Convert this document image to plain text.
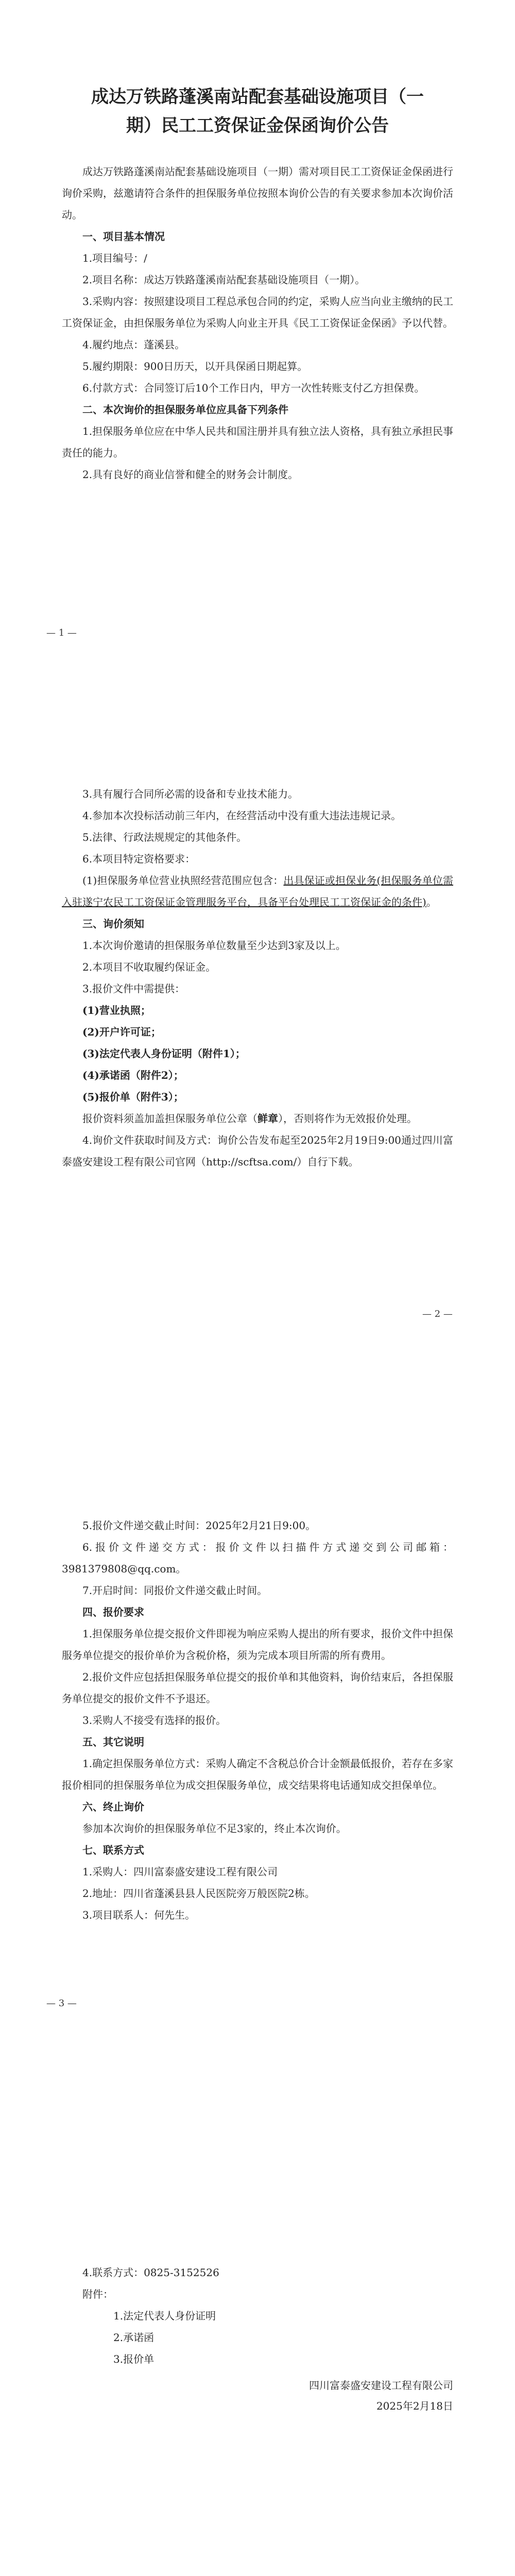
成达万铁路蓬溪南站配套基础设施项目（一

期）民工工资保证金保函询价公告

成达万铁路蓬溪南站配套基础设施项目（一期）需对项目民工工资保证金保函进行询价采购，兹邀请符合条件的担保服务单位按照本询价公告的有关要求参加本次询价活动。

一、项目基本情况

1.项目编号：/

2.项目名称：成达万铁路蓬溪南站配套基础设施项目（一期）。

3.采购内容：按照建设项目工程总承包合同的约定，采购人应当向业主缴纳的民工工资保证金，由担保服务单位为采购人向业主开具《民工工资保证金保函》予以代替。

4.履约地点：蓬溪县。

5.履约期限：900日历天，以开具保函日期起算。

6.付款方式：合同签订后10个工作日内，甲方一次性转账支付乙方担保费。

二、本次询价的担保服务单位应具备下列条件

1.担保服务单位应在中华人民共和国注册并具有独立法人资格，具有独立承担民事责任的能力。

2.具有良好的商业信誉和健全的财务会计制度。

— 1 —

3.具有履行合同所必需的设备和专业技术能力。

4.参加本次投标活动前三年内，在经营活动中没有重大违法违规记录。

5.法律、行政法规规定的其他条件。

6.本项目特定资格要求：

(1)担保服务单位营业执照经营范围应包含：出具保证或担保业务(担保服务单位需入驻遂宁农民工工资保证金管理服务平台，具备平台处理民工工资保证金的条件)。

三、询价须知

1.本次询价邀请的担保服务单位数量至少达到3家及以上。

2.本项目不收取履约保证金。

3.报价文件中需提供：

(1)营业执照；

(2)开户许可证；

(3)法定代表人身份证明（附件1）；

(4)承诺函（附件2）；

(5)报价单（附件3）；

报价资料须盖加盖担保服务单位公章（鲜章），否则将作为无效报价处理。

4.询价文件获取时间及方式：询价公告发布起至2025年2月19日9:00通过四川富泰盛安建设工程有限公司官网（http://scftsa.com/）自行下载。

— 2 —

5.报价文件递交截止时间：2025年2月21日9:00。

6.报价文件递交方式：报价文件以扫描件方式递交到公司邮箱：3981379808@qq.com。

7.开启时间：同报价文件递交截止时间。

四、报价要求

1.担保服务单位提交报价文件即视为响应采购人提出的所有要求，报价文件中担保服务单位提交的报价单价为含税价格，须为完成本项目所需的所有费用。

2.报价文件应包括担保服务单位提交的报价单和其他资料，询价结束后，各担保服务单位提交的报价文件不予退还。

3.采购人不接受有选择的报价。

五、其它说明

1.确定担保服务单位方式：采购人确定不含税总价合计金额最低报价，若存在多家报价相同的担保服务单位为成交担保服务单位，成交结果将电话通知成交担保单位。

六、终止询价

参加本次询价的担保服务单位不足3家的，终止本次询价。

七、联系方式

1.采购人：四川富泰盛安建设工程有限公司

2.地址：四川省蓬溪县县人民医院旁万般医院2栋。

3.项目联系人：何先生。

— 3 —

4.联系方式：0825-3152526

附件：

1.法定代表人身份证明

2.承诺函

3.报价单

四川富泰盛安建设工程有限公司
2025年2月18日
